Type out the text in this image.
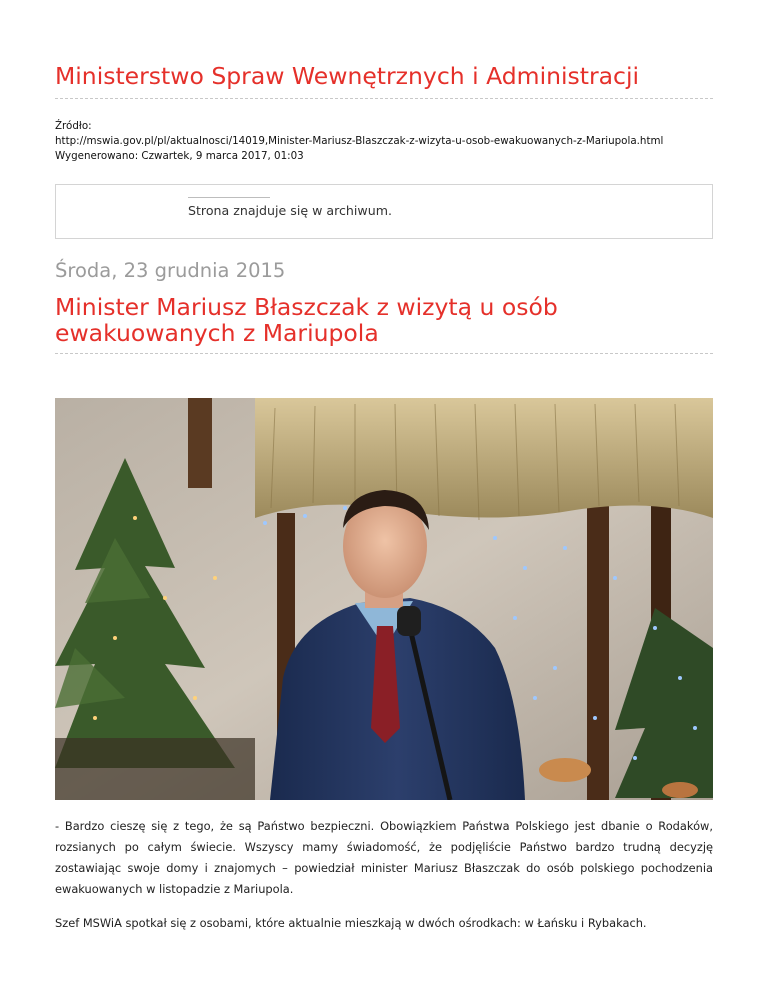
Ministerstwo Spraw Wewnętrznych i Administracji
Źródło:
http://mswia.gov.pl/pl/aktualnosci/14019,Minister-Mariusz-Blaszczak-z-wizyta-u-osob-ewakuowanych-z-Mariupola.html
Wygenerowano: Czwartek, 9 marca 2017, 01:03
Strona znajduje się w archiwum.
Środa, 23 grudnia 2015
Minister Mariusz Błaszczak z wizytą u osób ewakuowanych z Mariupola

- Bardzo cieszę się z tego, że są Państwo bezpieczni. Obowiązkiem Państwa Polskiego jest dbanie o Rodaków, rozsianych po całym świecie. Wszyscy mamy świadomość, że podjęliście Państwo bardzo trudną decyzję zostawiając swoje domy i znajomych – powiedział minister Mariusz Błaszczak do osób polskiego pochodzenia ewakuowanych w listopadzie z Mariupola.

Szef MSWiA spotkał się z osobami, które aktualnie mieszkają w dwóch ośrodkach: w Łańsku i Rybakach.
